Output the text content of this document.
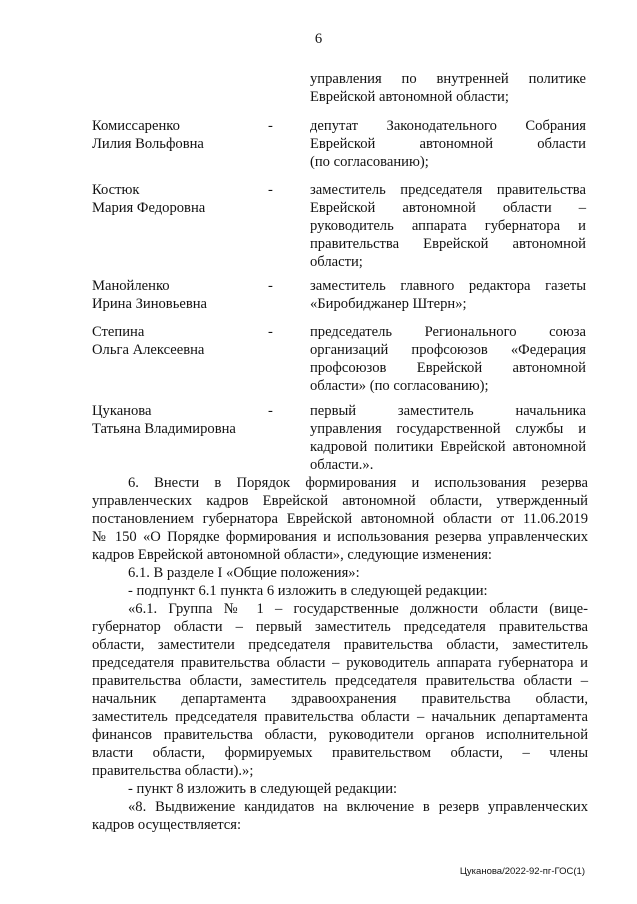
6
управления по внутренней политике
Еврейской автономной области;
Комиссаренко
Лилия Вольфовна
-	депутат Законодательного Собрания
Еврейской автономной области
(по согласованию);
Костюк
Мария Федоровна
-	заместитель председателя правительства
Еврейской автономной области –
руководитель аппарата губернатора и
правительства Еврейской автономной
области;
Манойленко
Ирина Зиновьевна
-	заместитель главного редактора газеты
«Биробиджанер Штерн»;
Степина
Ольга Алексеевна
-	председатель Регионального союза
организаций профсоюзов «Федерация
профсоюзов Еврейской автономной
области» (по согласованию);
Цуканова
Татьяна Владимировна
-	первый заместитель начальника
управления государственной службы и
кадровой политики Еврейской автономной
области.».
6. Внести в Порядок формирования и использования резерва
управленческих кадров Еврейской автономной области, утвержденный
постановлением губернатора Еврейской автономной области от 11.06.2019
№ 150 «О Порядке формирования и использования резерва управленческих
кадров Еврейской автономной области», следующие изменения:
6.1. В разделе I «Общие положения»:
- подпункт 6.1 пункта 6 изложить в следующей редакции:
«6.1. Группа № 1 – государственные должности области (вице-
губернатор области – первый заместитель председателя правительства
области, заместители председателя правительства области, заместитель
председателя правительства области – руководитель аппарата губернатора и
правительства области, заместитель председателя правительства области –
начальник департамента здравоохранения правительства области,
заместитель председателя правительства области – начальник департамента
финансов правительства области, руководители органов исполнительной
власти области, формируемых правительством области, – члены
правительства области).»;
- пункт 8 изложить в следующей редакции:
«8. Выдвижение кандидатов на включение в резерв управленческих
кадров осуществляется:
Цуканова/2022-92-пг-ГОС(1)
